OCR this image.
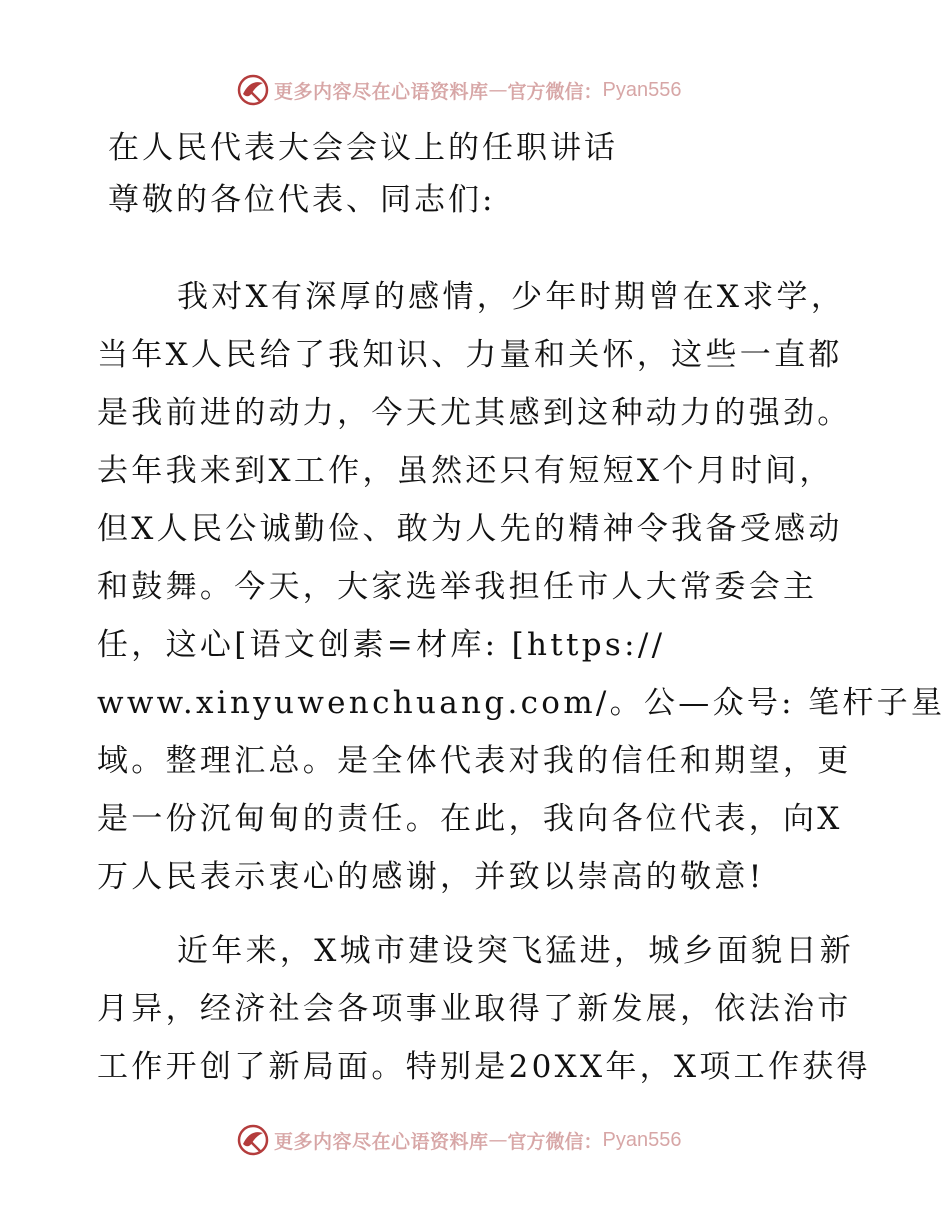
更多内容尽在心语资料库 — 官方微信： Pyan556
在人民代表大会会议上的任职讲话
尊敬的各位代表、同志们:
我对X有深厚的感情，少年时期曾在X求学，
当年X人民给了我知识、力量和关怀，这些一直都
是我前进的动力，今天尤其感到这种动力的强劲。
去年我来到X工作，虽然还只有短短X个月时间，
但X人民公诚勤俭、敢为人先的精神令我备受感动
和鼓舞。今天，大家选举我担任市人大常委会主
任，这心[语文创素=材库: [https://
www.xinyuwenchuang.com/。公—众号: 笔杆子星
域。整理汇总。是全体代表对我的信任和期望，更
是一份沉甸甸的责任。在此，我向各位代表，向X
万人民表示衷心的感谢，并致以崇高的敬意!
近年来，X城市建设突飞猛进，城乡面貌日新
月异，经济社会各项事业取得了新发展，依法治市
工作开创了新局面。特别是20XX年，X项工作获得
更多内容尽在心语资料库 — 官方微信： Pyan556
